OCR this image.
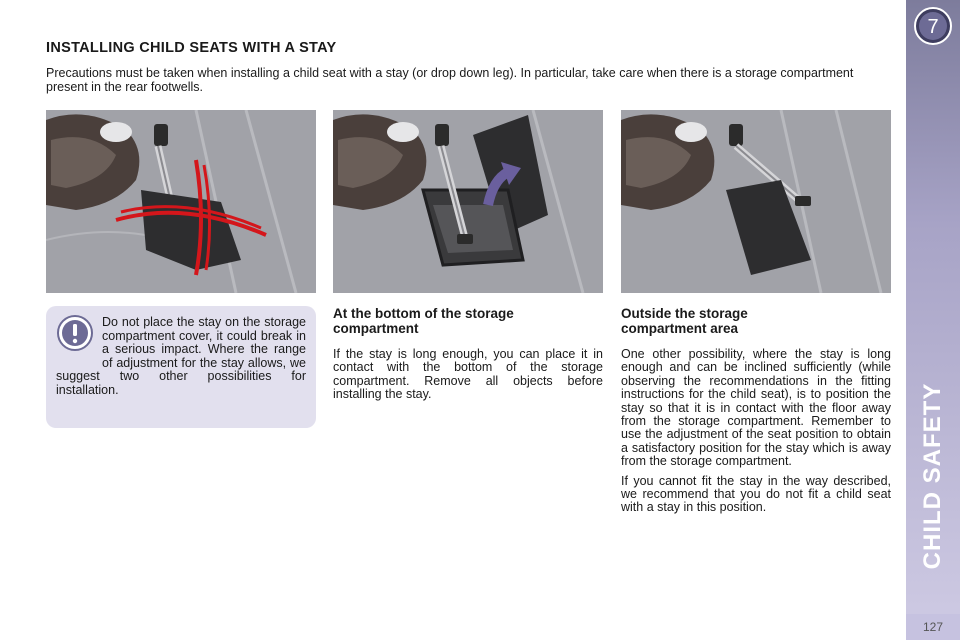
7
CHILD SAFETY
127
INSTALLING CHILD SEATS WITH A STAY
Precautions must be taken when installing a child seat with a stay (or drop down leg). In particular, take care when there is a storage compartment present in the rear footwells.
Do not place the stay on the storage compartment cover, it could break in a serious impact. Where the range of adjustment for the stay allows, we suggest two other possibilities for installation.
At the bottom of the storage compartment

If the stay is long enough, you can place it in contact with the bottom of the storage compartment. Remove all objects before installing the stay.

Outside the storage compartment area

One other possibility, where the stay is long enough and can be inclined sufficiently (while observing the recommendations in the fitting instructions for the child seat), is to position the stay so that it is in contact with the floor away from the storage compartment. Remember to use the adjustment of the seat position to obtain a satisfactory position for the stay which is away from the storage compartment.

If you cannot fit the stay in the way described, we recommend that you do not fit a child seat with a stay in this position.
